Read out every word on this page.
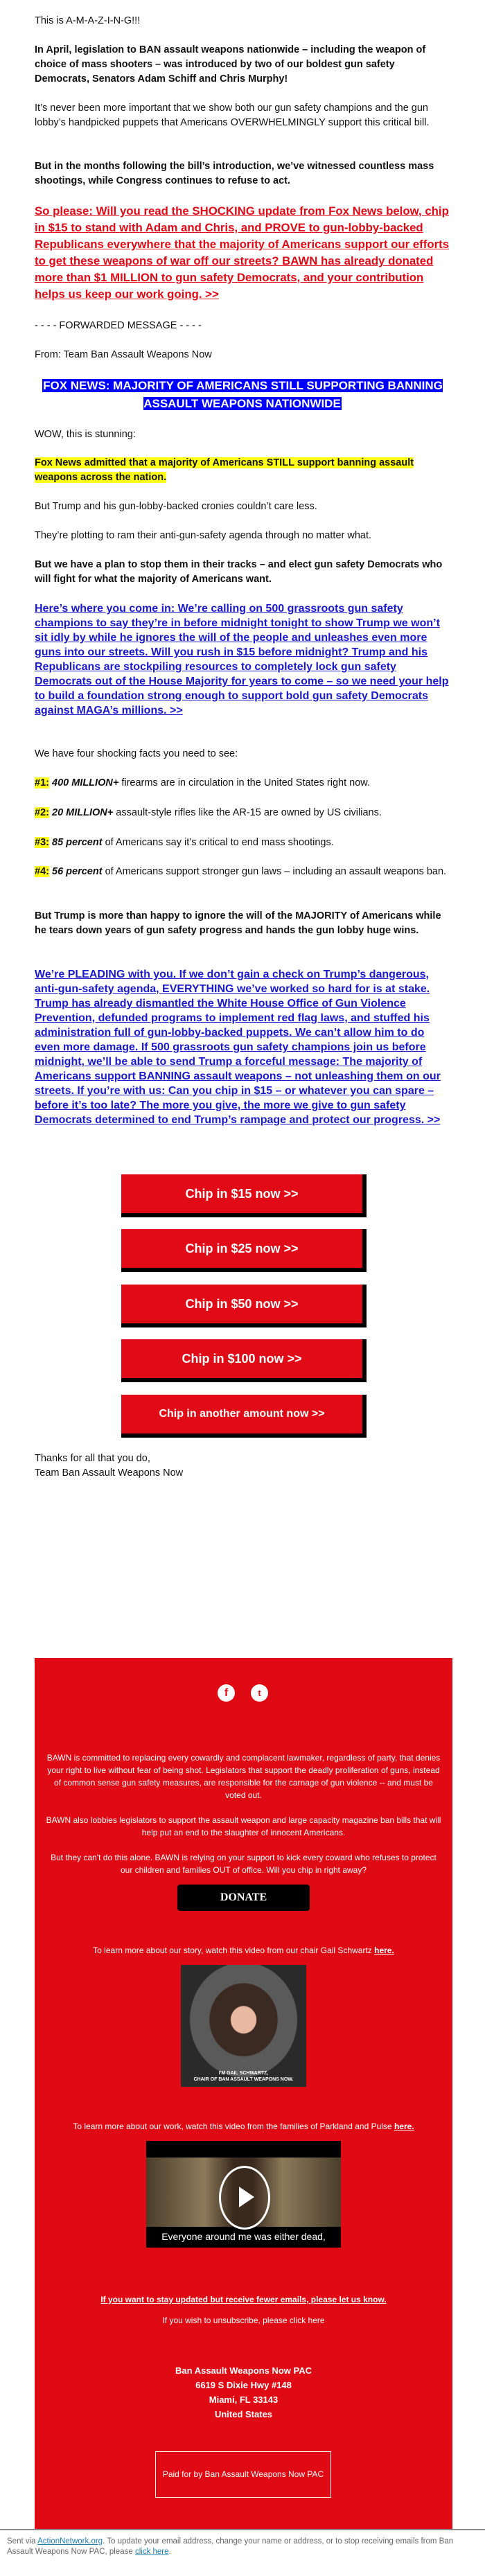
This is A-M-A-Z-I-N-G!!!

In April, legislation to BAN assault weapons nationwide – including the weapon of choice of mass shooters – was introduced by two of our boldest gun safety Democrats, Senators Adam Schiff and Chris Murphy!

It’s never been more important that we show both our gun safety champions and the gun lobby’s handpicked puppets that Americans OVERWHELMINGLY support this critical bill.

But in the months following the bill’s introduction, we’ve witnessed countless mass shootings, while Congress continues to refuse to act.

So please: Will you read the SHOCKING update from Fox News below, chip in $15 to stand with Adam and Chris, and PROVE to gun-lobby-backed Republicans everywhere that the majority of Americans support our efforts to get these weapons of war off our streets? BAWN has already donated more than $1 MILLION to gun safety Democrats, and your contribution helps us keep our work going. >>

- - - - FORWARDED MESSAGE - - - -

From: Team Ban Assault Weapons Now

FOX NEWS: MAJORITY OF AMERICANS STILL SUPPORTING BANNING ASSAULT WEAPONS NATIONWIDE

WOW, this is stunning:

Fox News admitted that a majority of Americans STILL support banning assault weapons across the nation.

But Trump and his gun-lobby-backed cronies couldn’t care less.

They’re plotting to ram their anti-gun-safety agenda through no matter what.

But we have a plan to stop them in their tracks – and elect gun safety Democrats who will fight for what the majority of Americans want.

Here’s where you come in: We’re calling on 500 grassroots gun safety champions to say they’re in before midnight tonight to show Trump we won’t sit idly by while he ignores the will of the people and unleashes even more guns into our streets. Will you rush in $15 before midnight? Trump and his Republicans are stockpiling resources to completely lock gun safety Democrats out of the House Majority for years to come – so we need your help to build a foundation strong enough to support bold gun safety Democrats against MAGA’s millions. >>

We have four shocking facts you need to see:

#1: 400 MILLION+ firearms are in circulation in the United States right now.

#2: 20 MILLION+ assault-style rifles like the AR-15 are owned by US civilians.

#3: 85 percent of Americans say it’s critical to end mass shootings.

#4: 56 percent of Americans support stronger gun laws – including an assault weapons ban.

But Trump is more than happy to ignore the will of the MAJORITY of Americans while he tears down years of gun safety progress and hands the gun lobby huge wins.

We’re PLEADING with you. If we don’t gain a check on Trump’s dangerous, anti-gun-safety agenda, EVERYTHING we’ve worked so hard for is at stake. Trump has already dismantled the White House Office of Gun Violence Prevention, defunded programs to implement red flag laws, and stuffed his administration full of gun-lobby-backed puppets. We can’t allow him to do even more damage. If 500 grassroots gun safety champions join us before midnight, we’ll be able to send Trump a forceful message: The majority of Americans support BANNING assault weapons – not unleashing them on our streets. If you’re with us: Can you chip in $15 – or whatever you can spare – before it’s too late? The more you give, the more we give to gun safety Democrats determined to end Trump’s rampage and protect our progress. >>
Chip in $15 now >>
Chip in $25 now >>
Chip in $50 now >>
Chip in $100 now >>
Chip in another amount now >>

Thanks for all that you do,
Team Ban Assault Weapons Now

f	t

BAWN is committed to replacing every cowardly and complacent lawmaker, regardless of party, that denies your right to live without fear of being shot. Legislators that support the deadly proliferation of guns, instead of common sense gun safety measures, are responsible for the carnage of gun violence -- and must be voted out.

BAWN also lobbies legislators to support the assault weapon and large capacity magazine ban bills that will help put an end to the slaughter of innocent Americans.

But they can't do this alone. BAWN is relying on your support to kick every coward who refuses to protect our children and families OUT of office. Will you chip in right away?

DONATE

To learn more about our story, watch this video from our chair Gail Schwartz here.

I'M GAIL SCHWARTZ,
CHAIR OF BAN ASSAULT WEAPONS NOW.

To learn more about our work, watch this video from the families of Parkland and Pulse here.

Everyone around me was either dead,

If you want to stay updated but receive fewer emails, please let us know.

If you wish to unsubscribe, please click here

Ban Assault Weapons Now PAC
6619 S Dixie Hwy #148
Miami, FL 33143
United States

Paid for by Ban Assault Weapons Now PAC

Sent via ActionNetwork.org. To update your email address, change your name or address, or to stop receiving emails from Ban Assault Weapons Now PAC, please click here.
